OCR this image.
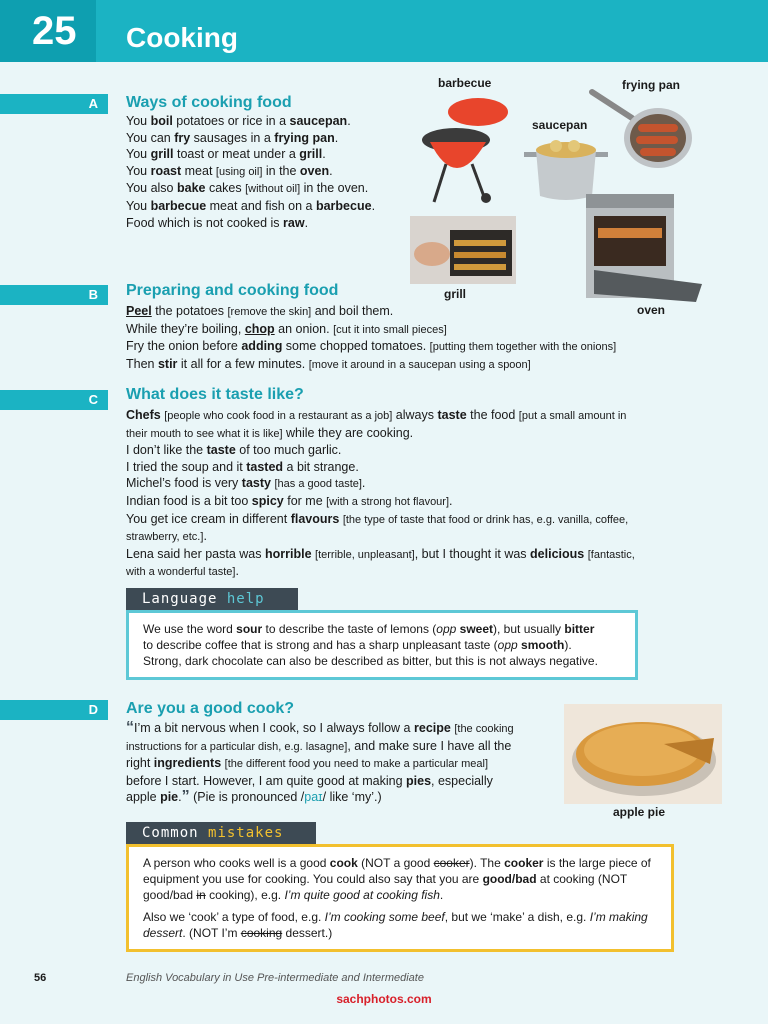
25	Cooking
A	Ways of cooking food

You boil potatoes or rice in a saucepan.

You can fry sausages in a frying pan.

You grill toast or meat under a grill.

You roast meat [using oil] in the oven.

You also bake cakes [without oil] in the oven.

You barbecue meat and fish on a barbecue.

Food which is not cooked is raw.

barbecue	frying pan
saucepan
grill
oven
B	Preparing and cooking food

Peel the potatoes [remove the skin] and boil them.

While they’re boiling, chop an onion. [cut it into small pieces]

Fry the onion before adding some chopped tomatoes. [putting them together with the onions]

Then stir it all for a few minutes. [move it around in a saucepan using a spoon]

C	What does it taste like?

Chefs [people who cook food in a restaurant as a job] always taste the food [put a small amount in

their mouth to see what it is like] while they are cooking.

I don’t like the taste of too much garlic.

I tried the soup and it tasted a bit strange.

Michel’s food is very tasty [has a good taste].

Indian food is a bit too spicy for me [with a strong hot flavour].

You get ice cream in different flavours [the type of taste that food or drink has, e.g. vanilla, coffee,

strawberry, etc.].

Lena said her pasta was horrible [terrible, unpleasant], but I thought it was delicious [fantastic,

with a wonderful taste].

Language help

We use the word sour to describe the taste of lemons (opp sweet), but usually bitter

to describe coffee that is strong and has a sharp unpleasant taste (opp smooth).

Strong, dark chocolate can also be described as bitter, but this is not always negative.

D	Are you a good cook?

“I’m a bit nervous when I cook, so I always follow a recipe [the cooking

instructions for a particular dish, e.g. lasagne], and make sure I have all the

right ingredients [the different food you need to make a particular meal]

before I start. However, I am quite good at making pies, especially

apple pie.” (Pie is pronounced /paɪ/ like ‘my’.)

apple pie
Common mistakes

A person who cooks well is a good cook (NOT a good cooker). The cooker is the large piece of

equipment you use for cooking. You could also say that you are good/bad at cooking (NOT

good/bad in cooking), e.g. I’m quite good at cooking fish.

Also we ‘cook’ a type of food, e.g. I’m cooking some beef, but we ‘make’ a dish, e.g. I’m making

dessert. (NOT I’m cooking dessert.)

56	English Vocabulary in Use Pre-intermediate and Intermediate
sachphotos.com
